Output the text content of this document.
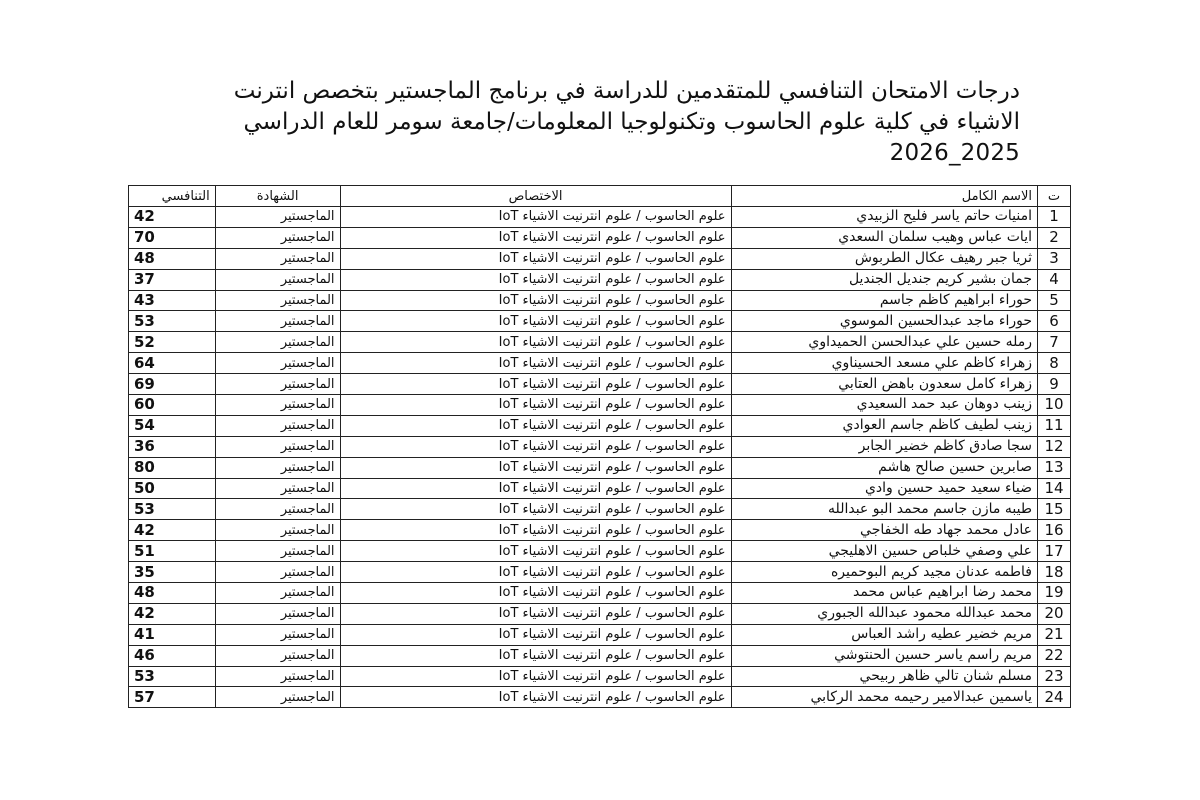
درجات الامتحان التنافسي للمتقدمين للدراسة في برنامج الماجستير بتخصص انترنت
الاشياء في كلية علوم الحاسوب وتكنولوجيا المعلومات/جامعة سومر للعام الدراسي
2026_2025
ت	الاسم الكامل	الاختصاص	الشهادة	التنافسي
1	امنيات حاتم ياسر فليح الزبيدي	علوم الحاسوب / علوم انترنيت الاشياء IoT	الماجستير	42
2	ايات عباس وهيب سلمان السعدي	علوم الحاسوب / علوم انترنيت الاشياء IoT	الماجستير	70
3	ثريا جبر رهيف عكال الطربوش	علوم الحاسوب / علوم انترنيت الاشياء IoT	الماجستير	48
4	جمان بشير كريم جنديل الجنديل	علوم الحاسوب / علوم انترنيت الاشياء IoT	الماجستير	37
5	حوراء ابراهيم كاظم جاسم	علوم الحاسوب / علوم انترنيت الاشياء IoT	الماجستير	43
6	حوراء ماجد عبدالحسين الموسوي	علوم الحاسوب / علوم انترنيت الاشياء IoT	الماجستير	53
7	رمله حسين علي عبدالحسن الحميداوي	علوم الحاسوب / علوم انترنيت الاشياء IoT	الماجستير	52
8	زهراء كاظم علي مسعد الحسيناوي	علوم الحاسوب / علوم انترنيت الاشياء IoT	الماجستير	64
9	زهراء كامل سعدون باهض العتابي	علوم الحاسوب / علوم انترنيت الاشياء IoT	الماجستير	69
10	زينب دوهان عبد حمد السعيدي	علوم الحاسوب / علوم انترنيت الاشياء IoT	الماجستير	60
11	زينب لطيف كاظم جاسم العوادي	علوم الحاسوب / علوم انترنيت الاشياء IoT	الماجستير	54
12	سجا صادق كاظم خضير الجابر	علوم الحاسوب / علوم انترنيت الاشياء IoT	الماجستير	36
13	صابرين حسين صالح هاشم	علوم الحاسوب / علوم انترنيت الاشياء IoT	الماجستير	80
14	ضياء سعيد حميد حسين وادي	علوم الحاسوب / علوم انترنيت الاشياء IoT	الماجستير	50
15	طيبه مازن جاسم محمد البو عبدالله	علوم الحاسوب / علوم انترنيت الاشياء IoT	الماجستير	53
16	عادل محمد جهاد طه الخفاجي	علوم الحاسوب / علوم انترنيت الاشياء IoT	الماجستير	42
17	علي وصفي خلباص حسين الاهليجي	علوم الحاسوب / علوم انترنيت الاشياء IoT	الماجستير	51
18	فاطمه عدنان مجيد كريم البوحميره	علوم الحاسوب / علوم انترنيت الاشياء IoT	الماجستير	35
19	محمد رضا ابراهيم عباس محمد	علوم الحاسوب / علوم انترنيت الاشياء IoT	الماجستير	48
20	محمد عبدالله محمود عبدالله الجبوري	علوم الحاسوب / علوم انترنيت الاشياء IoT	الماجستير	42
21	مريم خضير عطيه راشد العباس	علوم الحاسوب / علوم انترنيت الاشياء IoT	الماجستير	41
22	مريم راسم ياسر حسين الحنتوشي	علوم الحاسوب / علوم انترنيت الاشياء IoT	الماجستير	46
23	مسلم شنان تالي ظاهر ربيحي	علوم الحاسوب / علوم انترنيت الاشياء IoT	الماجستير	53
24	ياسمين عبدالامير رحيمه محمد الركابي	علوم الحاسوب / علوم انترنيت الاشياء IoT	الماجستير	57
